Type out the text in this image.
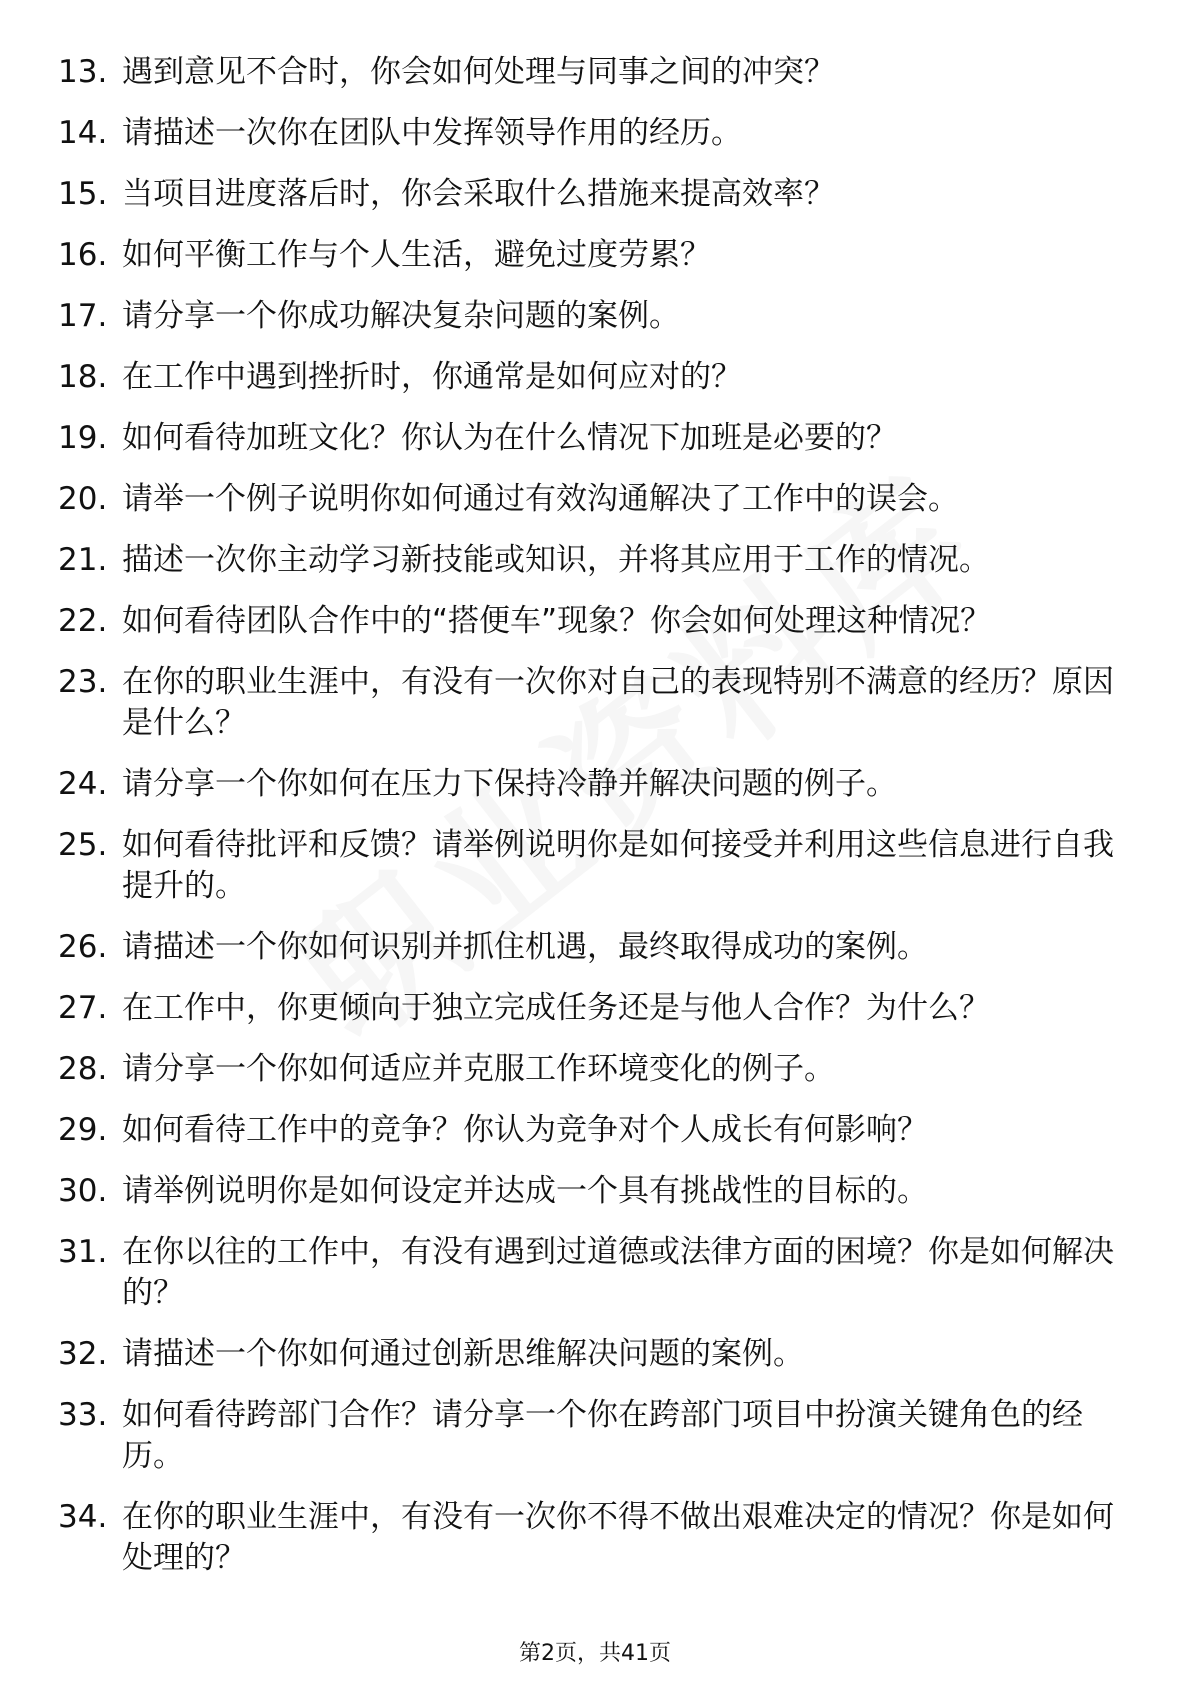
13. 遇到意见不合时，你会如何处理与同事之间的冲突？
14. 请描述一次你在团队中发挥领导作用的经历。
15. 当项目进度落后时，你会采取什么措施来提高效率？
16. 如何平衡工作与个人生活，避免过度劳累？
17. 请分享一个你成功解决复杂问题的案例。
18. 在工作中遇到挫折时，你通常是如何应对的？
19. 如何看待加班文化？你认为在什么情况下加班是必要的？
20. 请举一个例子说明你如何通过有效沟通解决了工作中的误会。
21. 描述一次你主动学习新技能或知识，并将其应用于工作的情况。
22. 如何看待团队合作中的“搭便车”现象？你会如何处理这种情况？
23. 在你的职业生涯中，有没有一次你对自己的表现特别不满意的经历？原因是什么？
24. 请分享一个你如何在压力下保持冷静并解决问题的例子。
25. 如何看待批评和反馈？请举例说明你是如何接受并利用这些信息进行自我提升的。
26. 请描述一个你如何识别并抓住机遇，最终取得成功的案例。
27. 在工作中，你更倾向于独立完成任务还是与他人合作？为什么？
28. 请分享一个你如何适应并克服工作环境变化的例子。
29. 如何看待工作中的竞争？你认为竞争对个人成长有何影响？
30. 请举例说明你是如何设定并达成一个具有挑战性的目标的。
31. 在你以往的工作中，有没有遇到过道德或法律方面的困境？你是如何解决的？
32. 请描述一个你如何通过创新思维解决问题的案例。
33. 如何看待跨部门合作？请分享一个你在跨部门项目中扮演关键角色的经历。
34. 在你的职业生涯中，有没有一次你不得不做出艰难决定的情况？你是如何处理的？
第2页，共41页
